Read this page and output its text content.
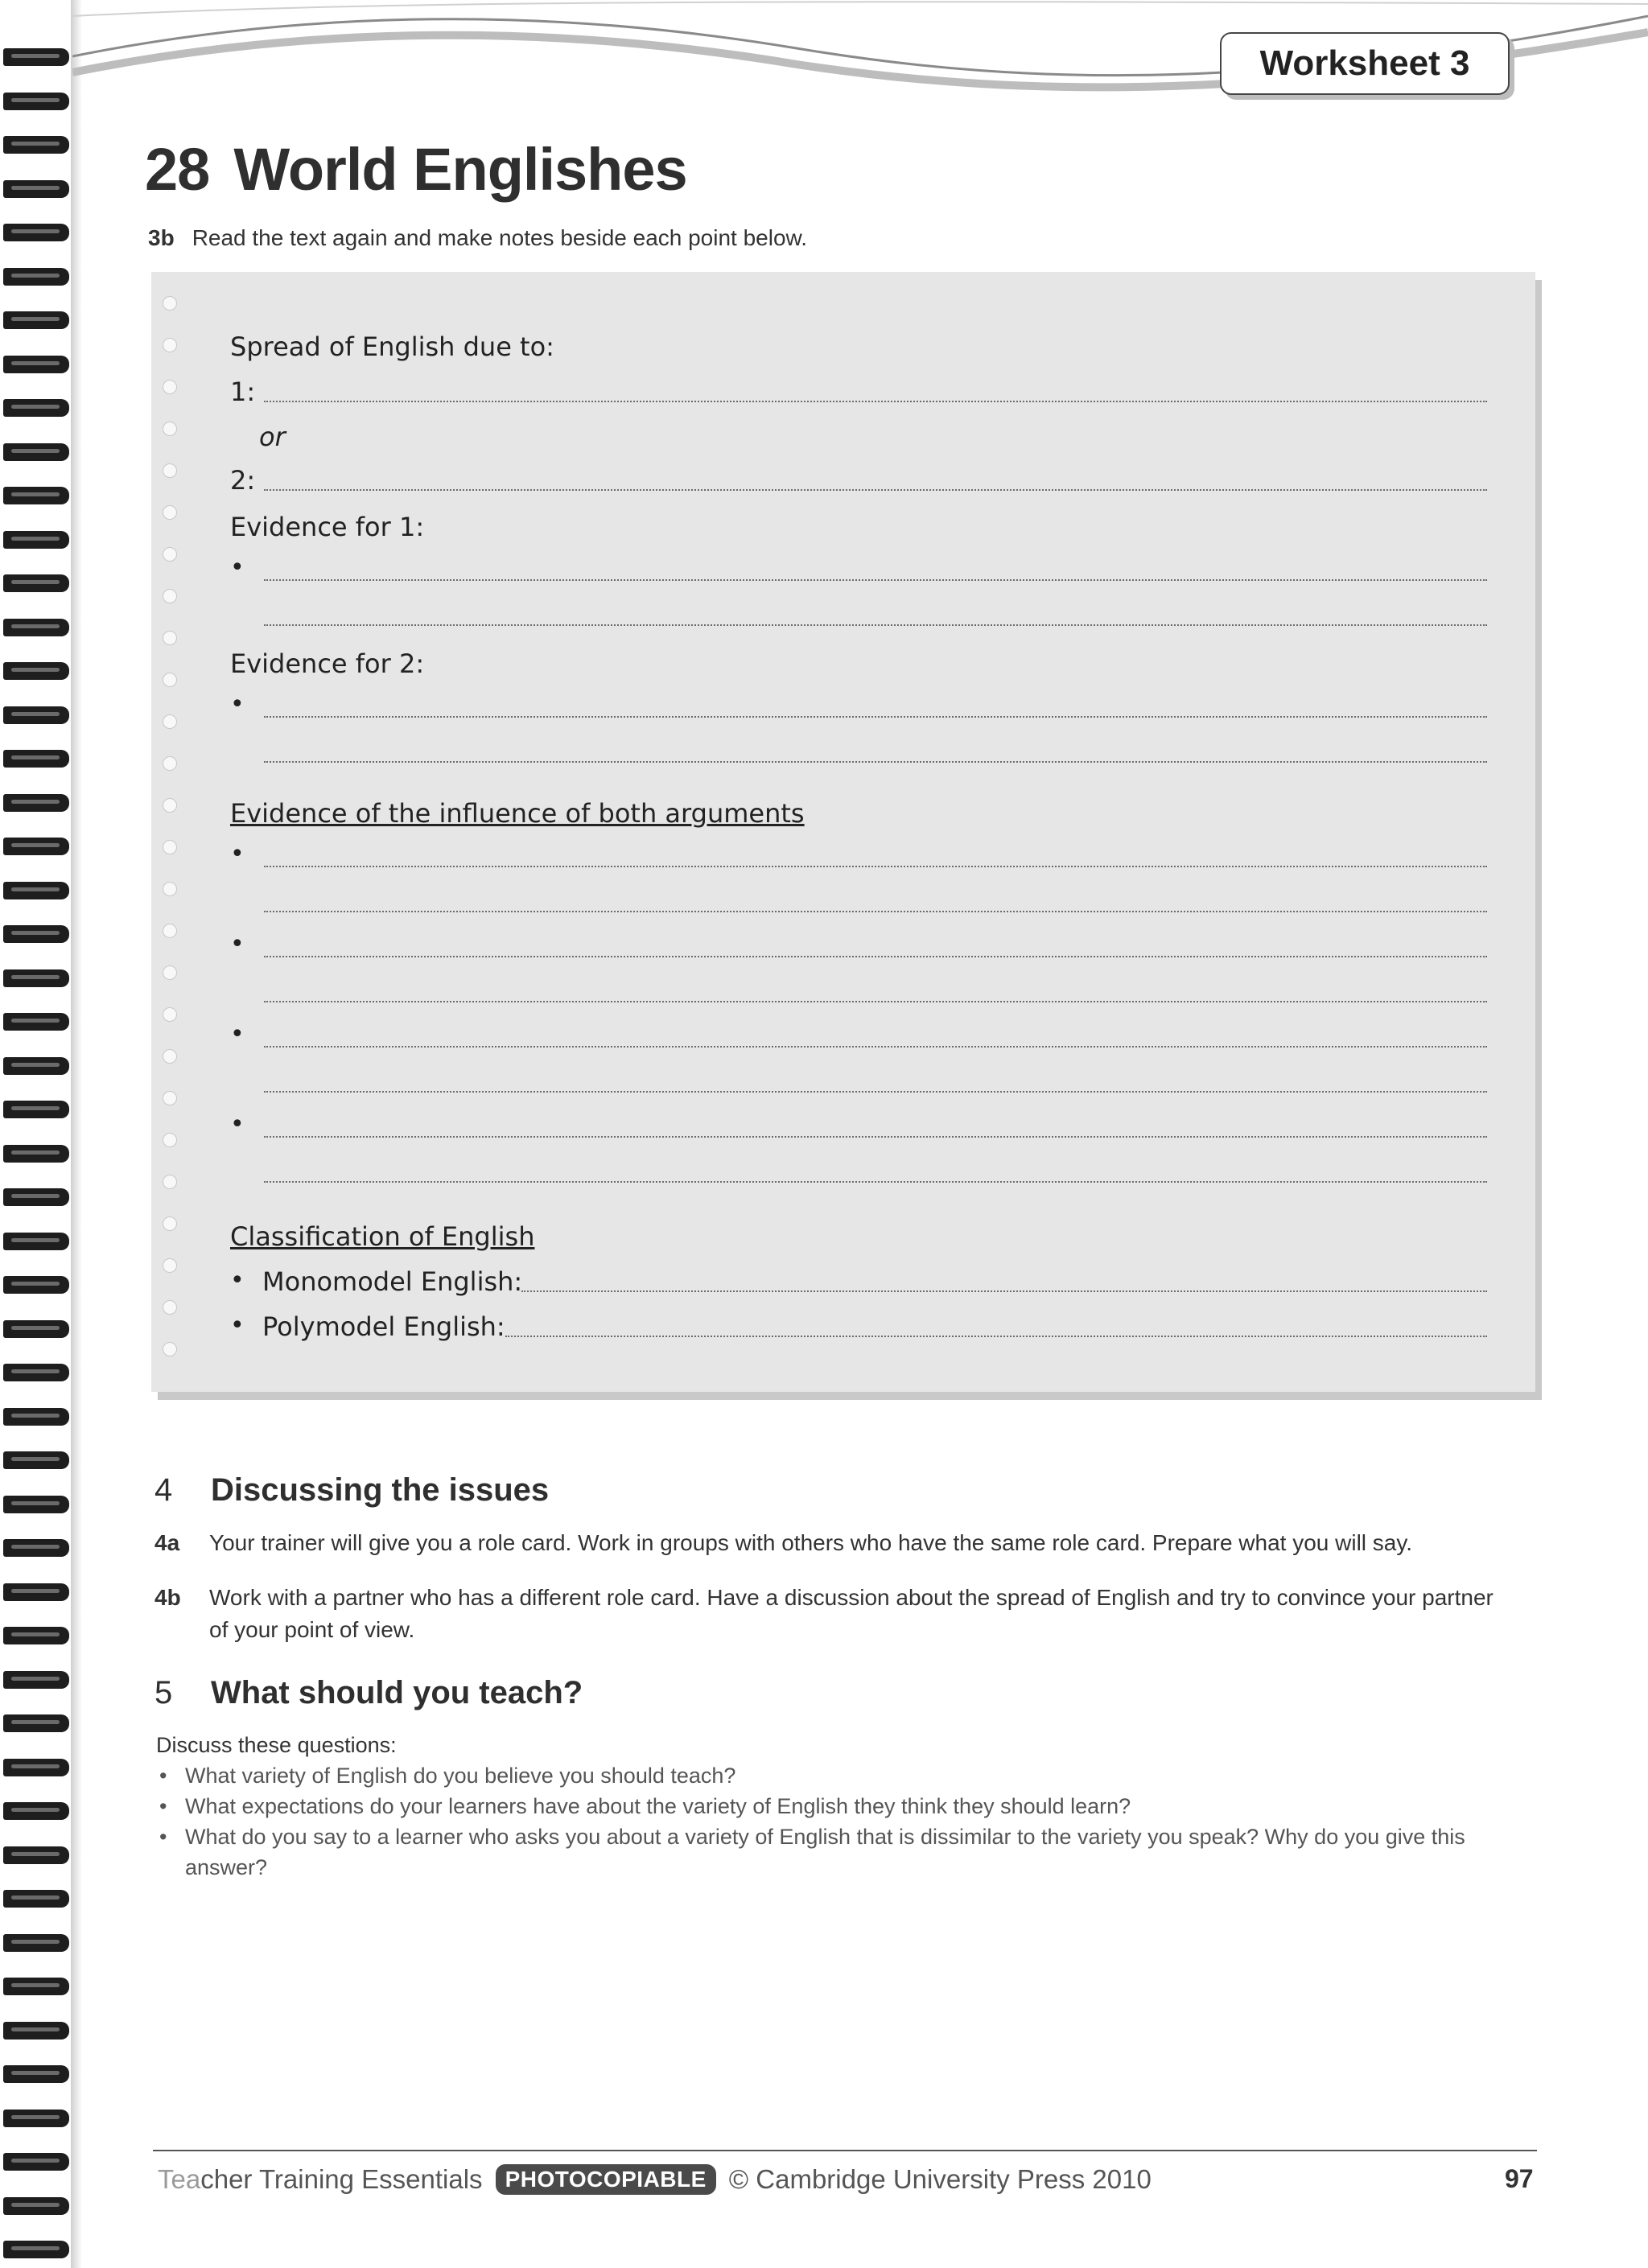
Worksheet 3
28 World Englishes
3b Read the text again and make notes beside each point below.
Spread of English due to:
1:
or
2:
Evidence for 1:
•
Evidence for 2:
•
Evidence of the influence of both arguments
•
•
•
•
Classification of English
• Monomodel English:
• Polymodel English:
4 Discussing the issues
4a Your trainer will give you a role card. Work in groups with others who have the same role card. Prepare what you will say.
4b Work with a partner who has a different role card. Have a discussion about the spread of English and try to convince your partner of your point of view.
5 What should you teach?
Discuss these questions:
• What variety of English do you believe you should teach?
• What expectations do your learners have about the variety of English they think they should learn?
• What do you say to a learner who asks you about a variety of English that is dissimilar to the variety you speak? Why do you give this answer?
Tea cher Training Essentials	PHOTOCOPIABLE © Cambridge University Press 2010	97
